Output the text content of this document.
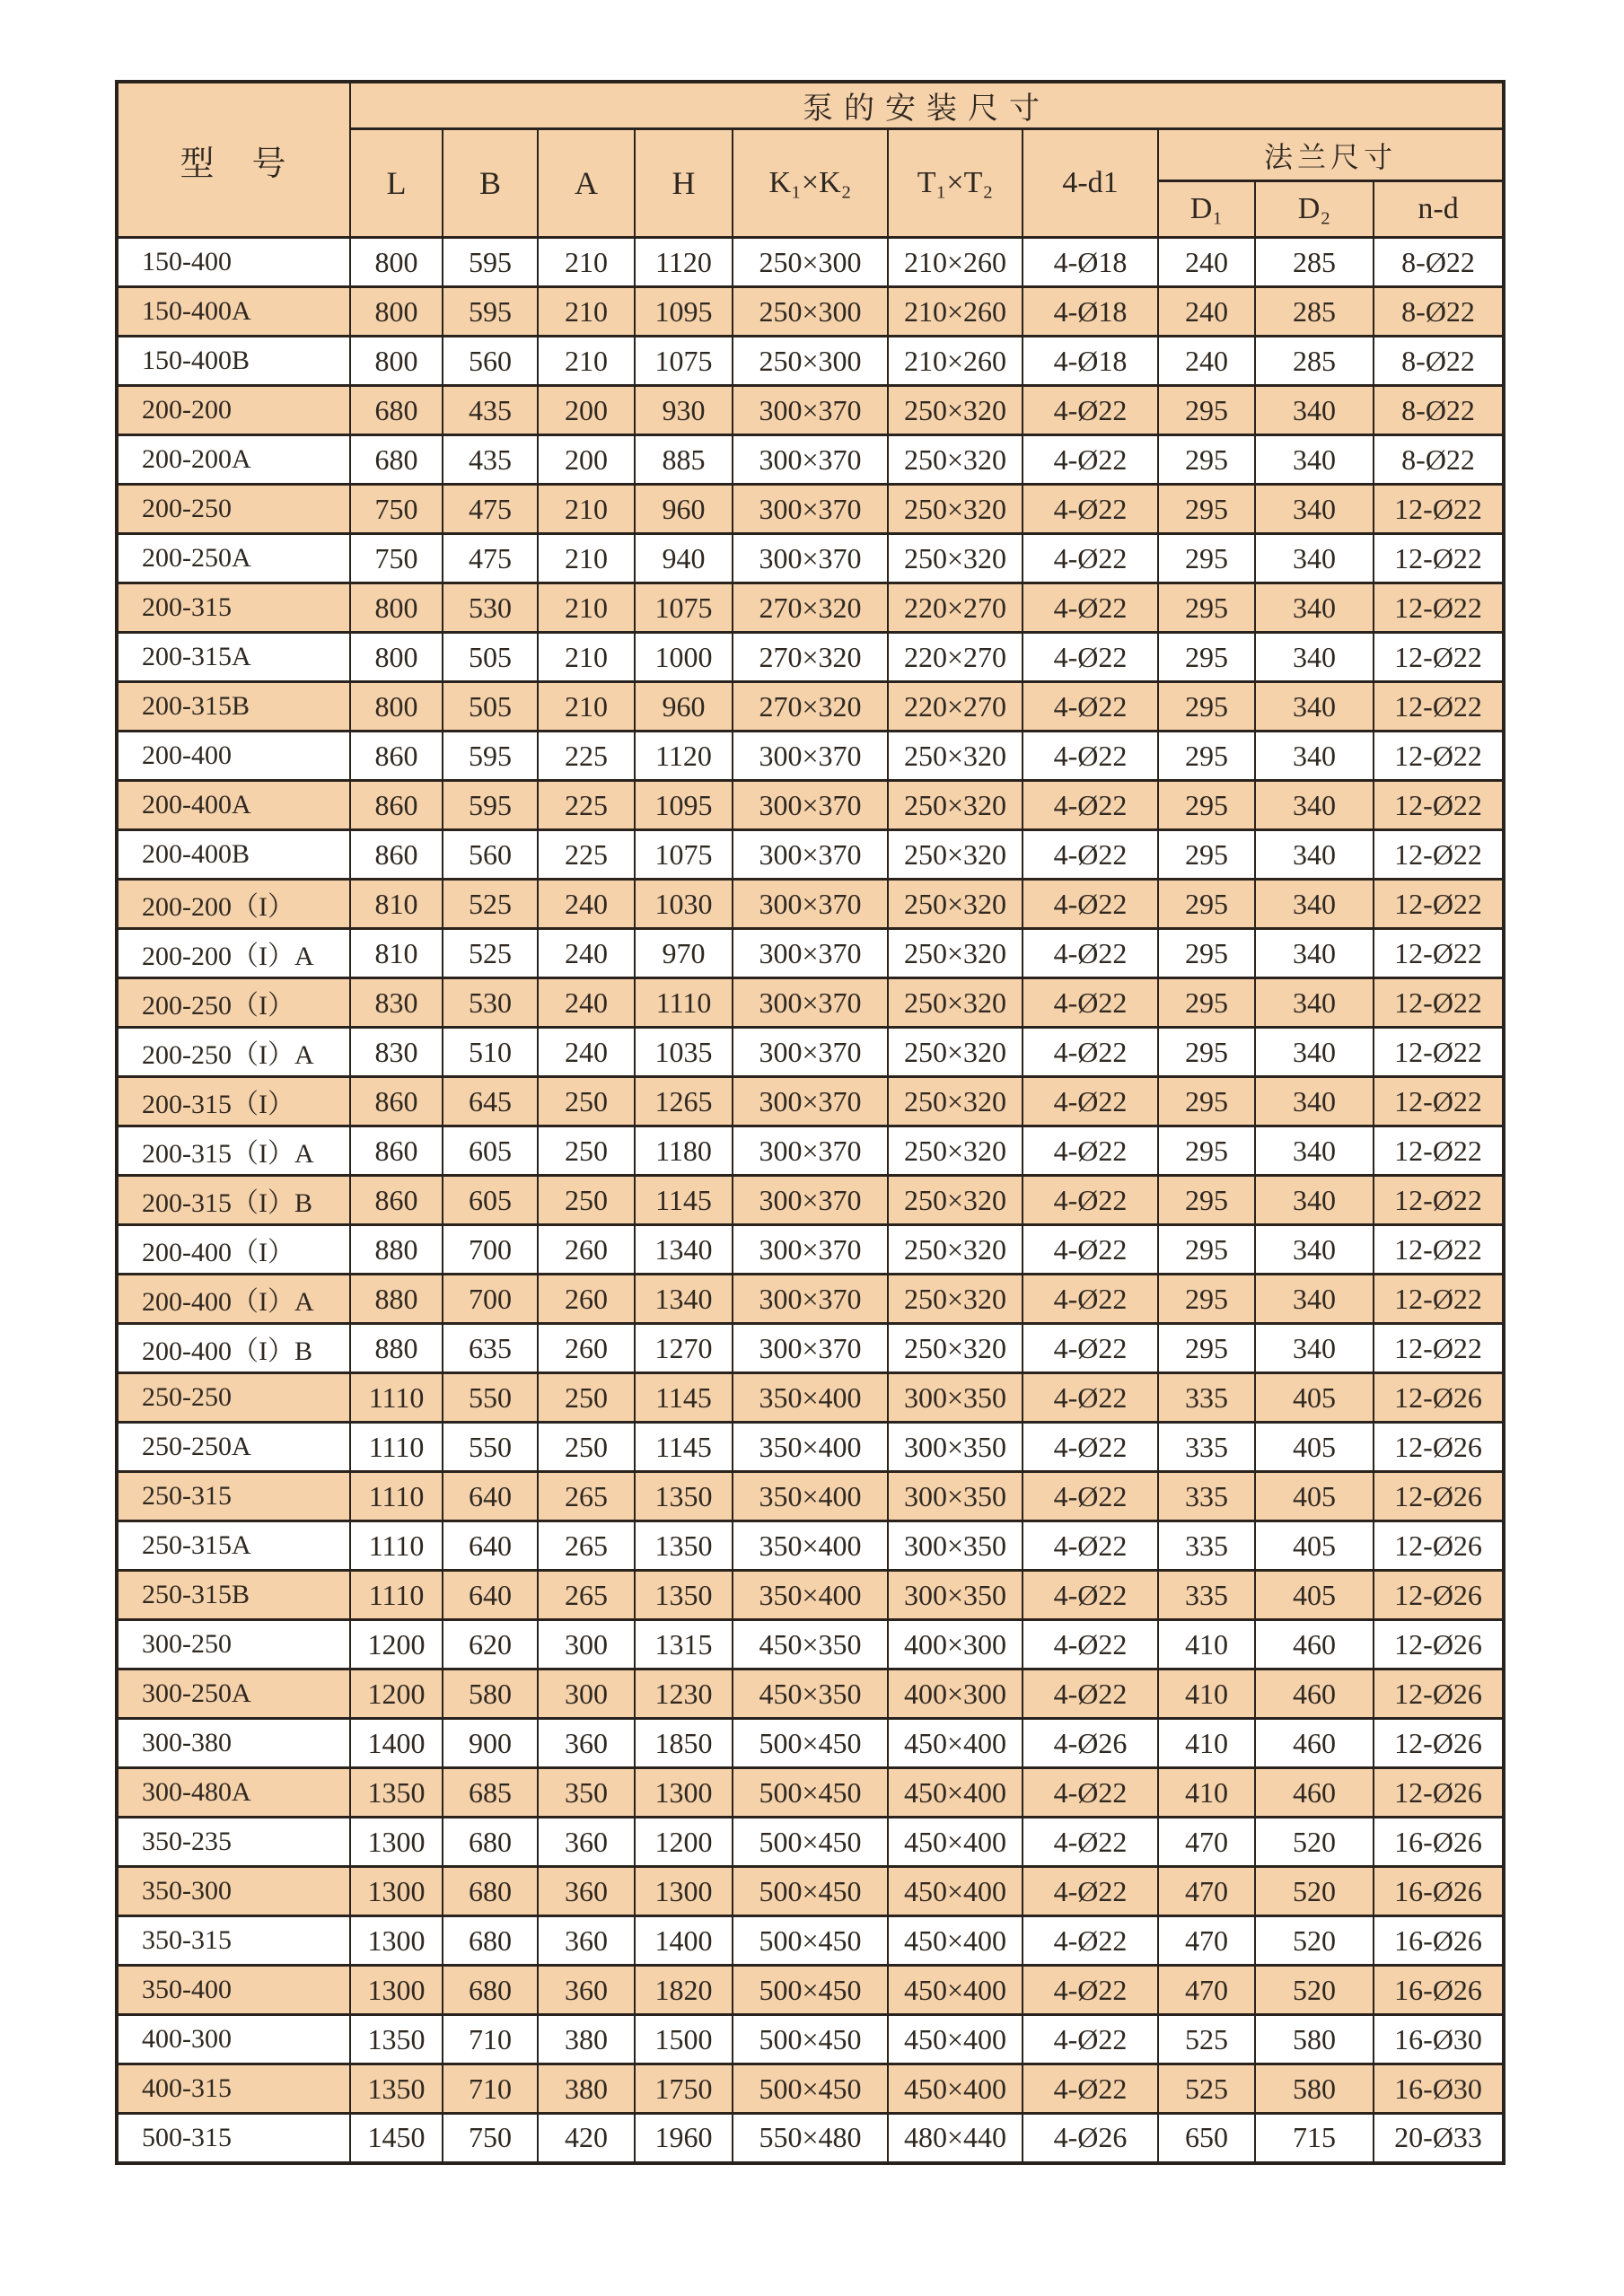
型　号	泵的安装尺寸									
	L	B	A	H	K₁×K₂	T₁×T₂	4-d1	法兰尺寸		
								D₁	D₂	n-d
150-400	800	595	210	1120	250×300	210×260	4-Ø18	240	285	8-Ø22
150-400A	800	595	210	1095	250×300	210×260	4-Ø18	240	285	8-Ø22
150-400B	800	560	210	1075	250×300	210×260	4-Ø18	240	285	8-Ø22
200-200	680	435	200	930	300×370	250×320	4-Ø22	295	340	8-Ø22
200-200A	680	435	200	885	300×370	250×320	4-Ø22	295	340	8-Ø22
200-250	750	475	210	960	300×370	250×320	4-Ø22	295	340	12-Ø22
200-250A	750	475	210	940	300×370	250×320	4-Ø22	295	340	12-Ø22
200-315	800	530	210	1075	270×320	220×270	4-Ø22	295	340	12-Ø22
200-315A	800	505	210	1000	270×320	220×270	4-Ø22	295	340	12-Ø22
200-315B	800	505	210	960	270×320	220×270	4-Ø22	295	340	12-Ø22
200-400	860	595	225	1120	300×370	250×320	4-Ø22	295	340	12-Ø22
200-400A	860	595	225	1095	300×370	250×320	4-Ø22	295	340	12-Ø22
200-400B	860	560	225	1075	300×370	250×320	4-Ø22	295	340	12-Ø22
200-200（I）	810	525	240	1030	300×370	250×320	4-Ø22	295	340	12-Ø22
200-200（I）A	810	525	240	970	300×370	250×320	4-Ø22	295	340	12-Ø22
200-250（I）	830	530	240	1110	300×370	250×320	4-Ø22	295	340	12-Ø22
200-250（I）A	830	510	240	1035	300×370	250×320	4-Ø22	295	340	12-Ø22
200-315（I）	860	645	250	1265	300×370	250×320	4-Ø22	295	340	12-Ø22
200-315（I）A	860	605	250	1180	300×370	250×320	4-Ø22	295	340	12-Ø22
200-315（I）B	860	605	250	1145	300×370	250×320	4-Ø22	295	340	12-Ø22
200-400（I）	880	700	260	1340	300×370	250×320	4-Ø22	295	340	12-Ø22
200-400（I）A	880	700	260	1340	300×370	250×320	4-Ø22	295	340	12-Ø22
200-400（I）B	880	635	260	1270	300×370	250×320	4-Ø22	295	340	12-Ø22
250-250	1110	550	250	1145	350×400	300×350	4-Ø22	335	405	12-Ø26
250-250A	1110	550	250	1145	350×400	300×350	4-Ø22	335	405	12-Ø26
250-315	1110	640	265	1350	350×400	300×350	4-Ø22	335	405	12-Ø26
250-315A	1110	640	265	1350	350×400	300×350	4-Ø22	335	405	12-Ø26
250-315B	1110	640	265	1350	350×400	300×350	4-Ø22	335	405	12-Ø26
300-250	1200	620	300	1315	450×350	400×300	4-Ø22	410	460	12-Ø26
300-250A	1200	580	300	1230	450×350	400×300	4-Ø22	410	460	12-Ø26
300-380	1400	900	360	1850	500×450	450×400	4-Ø26	410	460	12-Ø26
300-480A	1350	685	350	1300	500×450	450×400	4-Ø22	410	460	12-Ø26
350-235	1300	680	360	1200	500×450	450×400	4-Ø22	470	520	16-Ø26
350-300	1300	680	360	1300	500×450	450×400	4-Ø22	470	520	16-Ø26
350-315	1300	680	360	1400	500×450	450×400	4-Ø22	470	520	16-Ø26
350-400	1300	680	360	1820	500×450	450×400	4-Ø22	470	520	16-Ø26
400-300	1350	710	380	1500	500×450	450×400	4-Ø22	525	580	16-Ø30
400-315	1350	710	380	1750	500×450	450×400	4-Ø22	525	580	16-Ø30
500-315	1450	750	420	1960	550×480	480×440	4-Ø26	650	715	20-Ø33
